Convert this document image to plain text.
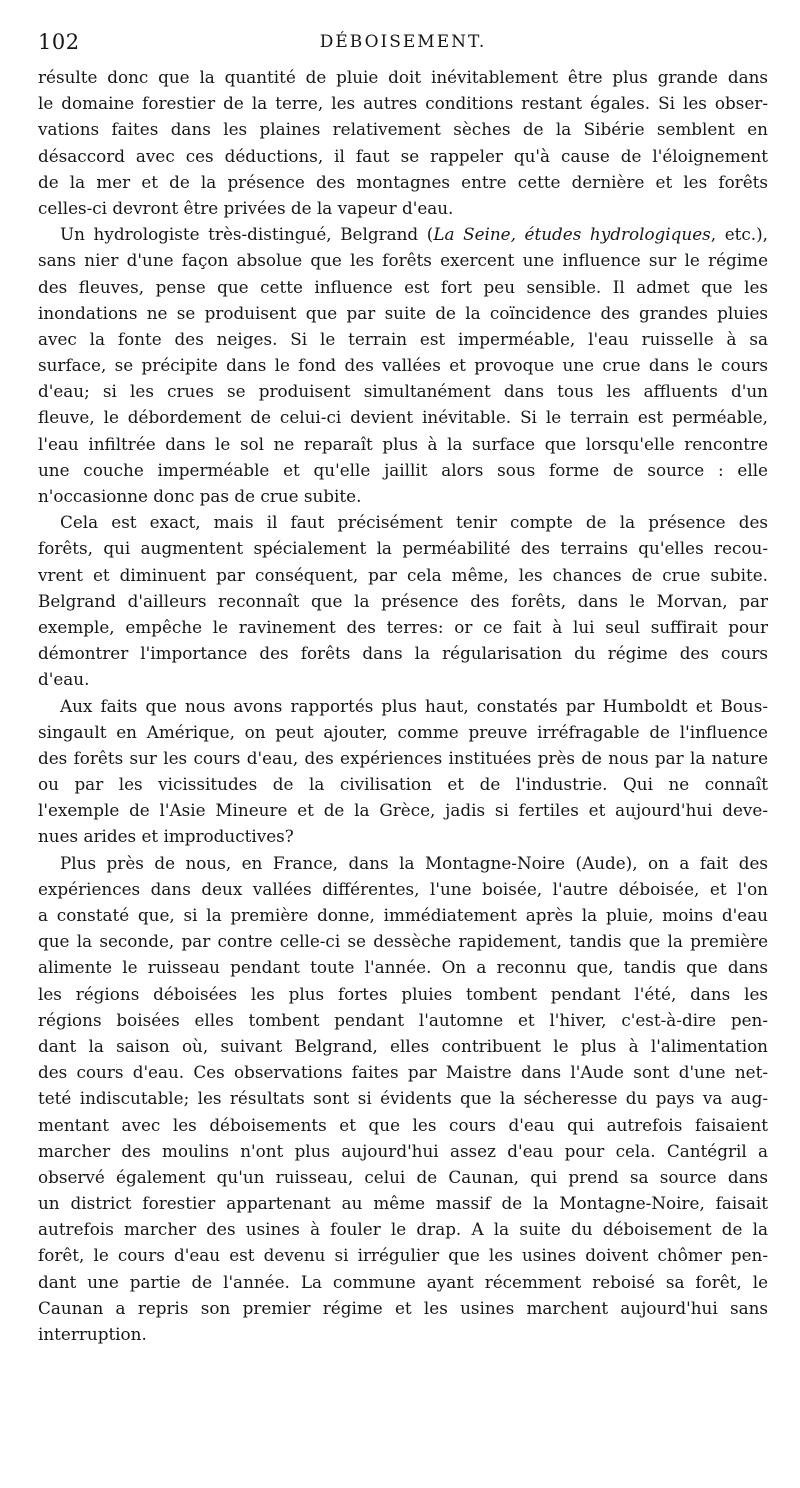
102	DÉBOISEMENT.
résulte donc que la quantité de pluie doit inévitablement être plus grande dans
le domaine forestier de la terre, les autres conditions restant égales. Si les obser-
vations faites dans les plaines relativement sèches de la Sibérie semblent en
désaccord avec ces déductions, il faut se rappeler qu'à cause de l'éloignement
de la mer et de la présence des montagnes entre cette dernière et les forêts
celles-ci devront être privées de la vapeur d'eau.
Un hydrologiste très-distingué, Belgrand (La Seine, études hydrologiques, etc.),
sans nier d'une façon absolue que les forêts exercent une influence sur le régime
des fleuves, pense que cette influence est fort peu sensible. Il admet que les
inondations ne se produisent que par suite de la coïncidence des grandes pluies
avec la fonte des neiges. Si le terrain est imperméable, l'eau ruisselle à sa
surface, se précipite dans le fond des vallées et provoque une crue dans le cours
d'eau; si les crues se produisent simultanément dans tous les affluents d'un
fleuve, le débordement de celui-ci devient inévitable. Si le terrain est perméable,
l'eau infiltrée dans le sol ne reparaît plus à la surface que lorsqu'elle rencontre
une couche imperméable et qu'elle jaillit alors sous forme de source : elle
n'occasionne donc pas de crue subite.
Cela est exact, mais il faut précisément tenir compte de la présence des
forêts, qui augmentent spécialement la perméabilité des terrains qu'elles recou-
vrent et diminuent par conséquent, par cela même, les chances de crue subite.
Belgrand d'ailleurs reconnaît que la présence des forêts, dans le Morvan, par
exemple, empêche le ravinement des terres: or ce fait à lui seul suffirait pour
démontrer l'importance des forêts dans la régularisation du régime des cours
d'eau.
Aux faits que nous avons rapportés plus haut, constatés par Humboldt et Bous-
singault en Amérique, on peut ajouter, comme preuve irréfragable de l'influence
des forêts sur les cours d'eau, des expériences instituées près de nous par la nature
ou par les vicissitudes de la civilisation et de l'industrie. Qui ne connaît
l'exemple de l'Asie Mineure et de la Grèce, jadis si fertiles et aujourd'hui deve-
nues arides et improductives?
Plus près de nous, en France, dans la Montagne-Noire (Aude), on a fait des
expériences dans deux vallées différentes, l'une boisée, l'autre déboisée, et l'on
a constaté que, si la première donne, immédiatement après la pluie, moins d'eau
que la seconde, par contre celle-ci se dessèche rapidement, tandis que la première
alimente le ruisseau pendant toute l'année. On a reconnu que, tandis que dans
les régions déboisées les plus fortes pluies tombent pendant l'été, dans les
régions boisées elles tombent pendant l'automne et l'hiver, c'est-à-dire pen-
dant la saison où, suivant Belgrand, elles contribuent le plus à l'alimentation
des cours d'eau. Ces observations faites par Maistre dans l'Aude sont d'une net-
teté indiscutable; les résultats sont si évidents que la sécheresse du pays va aug-
mentant avec les déboisements et que les cours d'eau qui autrefois faisaient
marcher des moulins n'ont plus aujourd'hui assez d'eau pour cela. Cantégril a
observé également qu'un ruisseau, celui de Caunan, qui prend sa source dans
un district forestier appartenant au même massif de la Montagne-Noire, faisait
autrefois marcher des usines à fouler le drap. A la suite du déboisement de la
forêt, le cours d'eau est devenu si irrégulier que les usines doivent chômer pen-
dant une partie de l'année. La commune ayant récemment reboisé sa forêt, le
Caunan a repris son premier régime et les usines marchent aujourd'hui sans
interruption.
